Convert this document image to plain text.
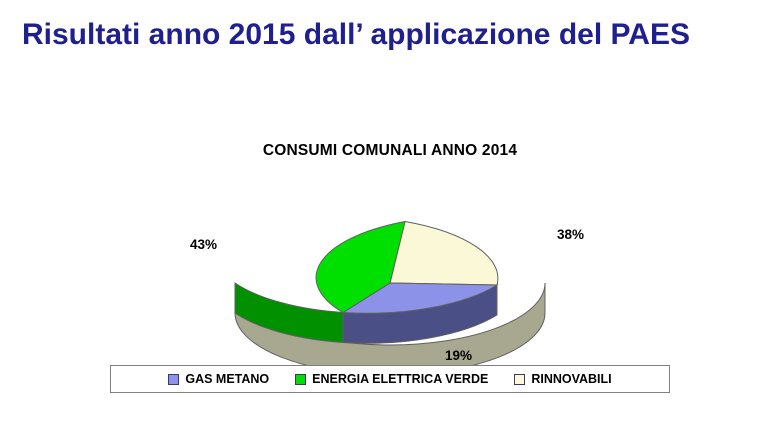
Risultati anno 2015 dall’ applicazione del PAES
CONSUMI COMUNALI ANNO 2014
43%
38%
19%
GAS METANO	ENERGIA ELETTRICA VERDE	RINNOVABILI
